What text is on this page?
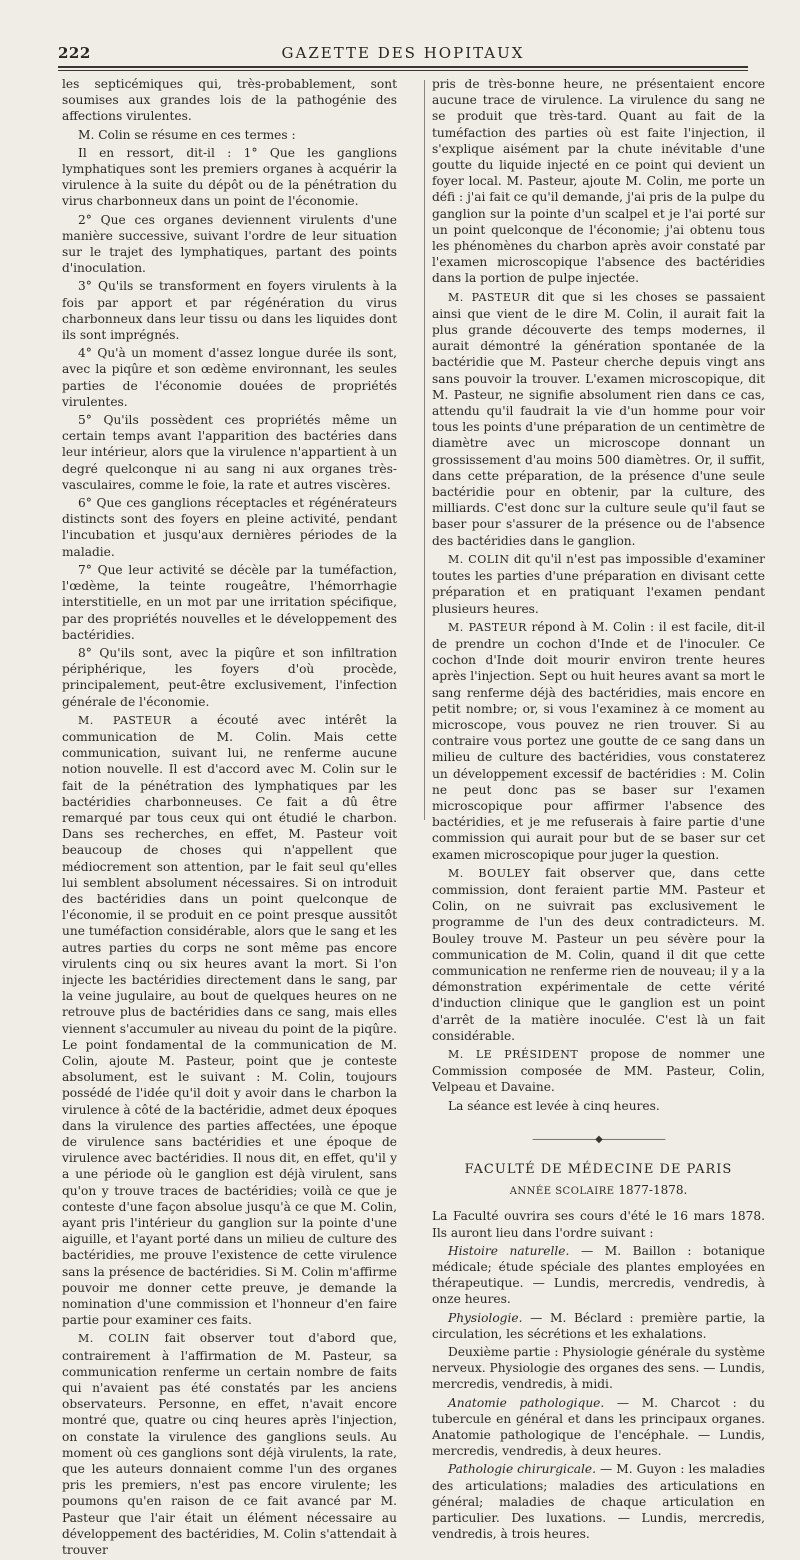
222	GAZETTE DES HOPITAUX

les septicémiques qui, très-probablement, sont soumises aux grandes lois de la pathogénie des affections virulentes.

M. Colin se résume en ces termes :

Il en ressort, dit-il : 1° Que les ganglions lymphatiques sont les premiers organes à acquérir la virulence à la suite du dépôt ou de la pénétration du virus charbonneux dans un point de l'économie.

2° Que ces organes deviennent virulents d'une manière successive, suivant l'ordre de leur situation sur le trajet des lymphatiques, partant des points d'inoculation.

3° Qu'ils se transforment en foyers virulents à la fois par apport et par régénération du virus charbonneux dans leur tissu ou dans les liquides dont ils sont imprégnés.

4° Qu'à un moment d'assez longue durée ils sont, avec la piqûre et son œdème environnant, les seules parties de l'économie douées de propriétés virulentes.

5° Qu'ils possèdent ces propriétés même un certain temps avant l'apparition des bactéries dans leur intérieur, alors que la virulence n'appartient à un degré quelconque ni au sang ni aux organes très-vasculaires, comme le foie, la rate et autres viscères.

6° Que ces ganglions réceptacles et régénérateurs distincts sont des foyers en pleine activité, pendant l'incubation et jusqu'aux dernières périodes de la maladie.

7° Que leur activité se décèle par la tuméfaction, l'œdème, la teinte rougeâtre, l'hémorrhagie interstitielle, en un mot par une irritation spécifique, par des propriétés nouvelles et le développement des bactéridies.

8° Qu'ils sont, avec la piqûre et son infiltration périphérique, les foyers d'où procède, principalement, peut-être exclusivement, l'infection générale de l'économie.

M. PASTEUR a écouté avec intérêt la communication de M. Colin. Mais cette communication, suivant lui, ne renferme aucune notion nouvelle. Il est d'accord avec M. Colin sur le fait de la pénétration des lymphatiques par les bactéridies charbonneuses. Ce fait a dû être remarqué par tous ceux qui ont étudié le charbon. Dans ses recherches, en effet, M. Pasteur voit beaucoup de choses qui n'appellent que médiocrement son attention, par le fait seul qu'elles lui semblent absolument nécessaires. Si on introduit des bactéridies dans un point quelconque de l'économie, il se produit en ce point presque aussitôt une tuméfaction considérable, alors que le sang et les autres parties du corps ne sont même pas encore virulents cinq ou six heures avant la mort. Si l'on injecte les bactéridies directement dans le sang, par la veine jugulaire, au bout de quelques heures on ne retrouve plus de bactéridies dans ce sang, mais elles viennent s'accumuler au niveau du point de la piqûre. Le point fondamental de la communication de M. Colin, ajoute M. Pasteur, point que je conteste absolument, est le suivant : M. Colin, toujours possédé de l'idée qu'il doit y avoir dans le charbon la virulence à côté de la bactéridie, admet deux époques dans la virulence des parties affectées, une époque de virulence sans bactéridies et une époque de virulence avec bactéridies. Il nous dit, en effet, qu'il y a une période où le ganglion est déjà virulent, sans qu'on y trouve traces de bactéridies; voilà ce que je conteste d'une façon absolue jusqu'à ce que M. Colin, ayant pris l'intérieur du ganglion sur la pointe d'une aiguille, et l'ayant porté dans un milieu de culture des bactéridies, me prouve l'existence de cette virulence sans la présence de bactéridies. Si M. Colin m'affirme pouvoir me donner cette preuve, je demande la nomination d'une commission et l'honneur d'en faire partie pour examiner ces faits.

M. COLIN fait observer tout d'abord que, contrairement à l'affirmation de M. Pasteur, sa communication renferme un certain nombre de faits qui n'avaient pas été constatés par les anciens observateurs. Personne, en effet, n'avait encore montré que, quatre ou cinq heures après l'injection, on constate la virulence des ganglions seuls. Au moment où ces ganglions sont déjà virulents, la rate, que les auteurs donnaient comme l'un des organes pris les premiers, n'est pas encore virulente; les poumons qu'en raison de ce fait avancé par M. Pasteur que l'air était un élément nécessaire au développement des bactéridies, M. Colin s'attendait à trouver

pris de très-bonne heure, ne présentaient encore aucune trace de virulence. La virulence du sang ne se produit que très-tard. Quant au fait de la tuméfaction des parties où est faite l'injection, il s'explique aisément par la chute inévitable d'une goutte du liquide injecté en ce point qui devient un foyer local. M. Pasteur, ajoute M. Colin, me porte un défi : j'ai fait ce qu'il demande, j'ai pris de la pulpe du ganglion sur la pointe d'un scalpel et je l'ai porté sur un point quelconque de l'économie; j'ai obtenu tous les phénomènes du charbon après avoir constaté par l'examen microscopique l'absence des bactéridies dans la portion de pulpe injectée.

M. PASTEUR dit que si les choses se passaient ainsi que vient de le dire M. Colin, il aurait fait la plus grande découverte des temps modernes, il aurait démontré la génération spontanée de la bactéridie que M. Pasteur cherche depuis vingt ans sans pouvoir la trouver. L'examen microscopique, dit M. Pasteur, ne signifie absolument rien dans ce cas, attendu qu'il faudrait la vie d'un homme pour voir tous les points d'une préparation de un centimètre de diamètre avec un microscope donnant un grossissement d'au moins 500 diamètres. Or, il suffit, dans cette préparation, de la présence d'une seule bactéridie pour en obtenir, par la culture, des milliards. C'est donc sur la culture seule qu'il faut se baser pour s'assurer de la présence ou de l'absence des bactéridies dans le ganglion.

M. COLIN dit qu'il n'est pas impossible d'examiner toutes les parties d'une préparation en divisant cette préparation et en pratiquant l'examen pendant plusieurs heures.

M. PASTEUR répond à M. Colin : il est facile, dit-il de prendre un cochon d'Inde et de l'inoculer. Ce cochon d'Inde doit mourir environ trente heures après l'injection. Sept ou huit heures avant sa mort le sang renferme déjà des bactéridies, mais encore en petit nombre; or, si vous l'examinez à ce moment au microscope, vous pouvez ne rien trouver. Si au contraire vous portez une goutte de ce sang dans un milieu de culture des bactéridies, vous constaterez un développement excessif de bactéridies : M. Colin ne peut donc pas se baser sur l'examen microscopique pour affirmer l'absence des bactéridies, et je me refuserais à faire partie d'une commission qui aurait pour but de se baser sur cet examen microscopique pour juger la question.

M. BOULEY fait observer que, dans cette commission, dont feraient partie MM. Pasteur et Colin, on ne suivrait pas exclusivement le programme de l'un des deux contradicteurs. M. Bouley trouve M. Pasteur un peu sévère pour la communication de M. Colin, quand il dit que cette communication ne renferme rien de nouveau; il y a la démonstration expérimentale de cette vérité d'induction clinique que le ganglion est un point d'arrêt de la matière inoculée. C'est là un fait considérable.

M. LE PRÉSIDENT propose de nommer une Commission composée de MM. Pasteur, Colin, Velpeau et Davaine.

La séance est levée à cinq heures.

———————◆———————
FACULTÉ DE MÉDECINE DE PARIS
ANNÉE SCOLAIRE 1877-1878.

La Faculté ouvrira ses cours d'été le 16 mars 1878. Ils auront lieu dans l'ordre suivant :

Histoire naturelle. — M. Baillon : botanique médicale; étude spéciale des plantes employées en thérapeutique. — Lundis, mercredis, vendredis, à onze heures.

Physiologie. — M. Béclard : première partie, la circulation, les sécrétions et les exhalations.

Deuxième partie : Physiologie générale du système nerveux. Physiologie des organes des sens. — Lundis, mercredis, vendredis, à midi.

Anatomie pathologique. — M. Charcot : du tubercule en général et dans les principaux organes. Anatomie pathologique de l'encéphale. — Lundis, mercredis, vendredis, à deux heures.

Pathologie chirurgicale. — M. Guyon : les maladies des articulations; maladies des articulations en général; maladies de chaque articulation en particulier. Des luxations. — Lundis, mercredis, vendredis, à trois heures.
